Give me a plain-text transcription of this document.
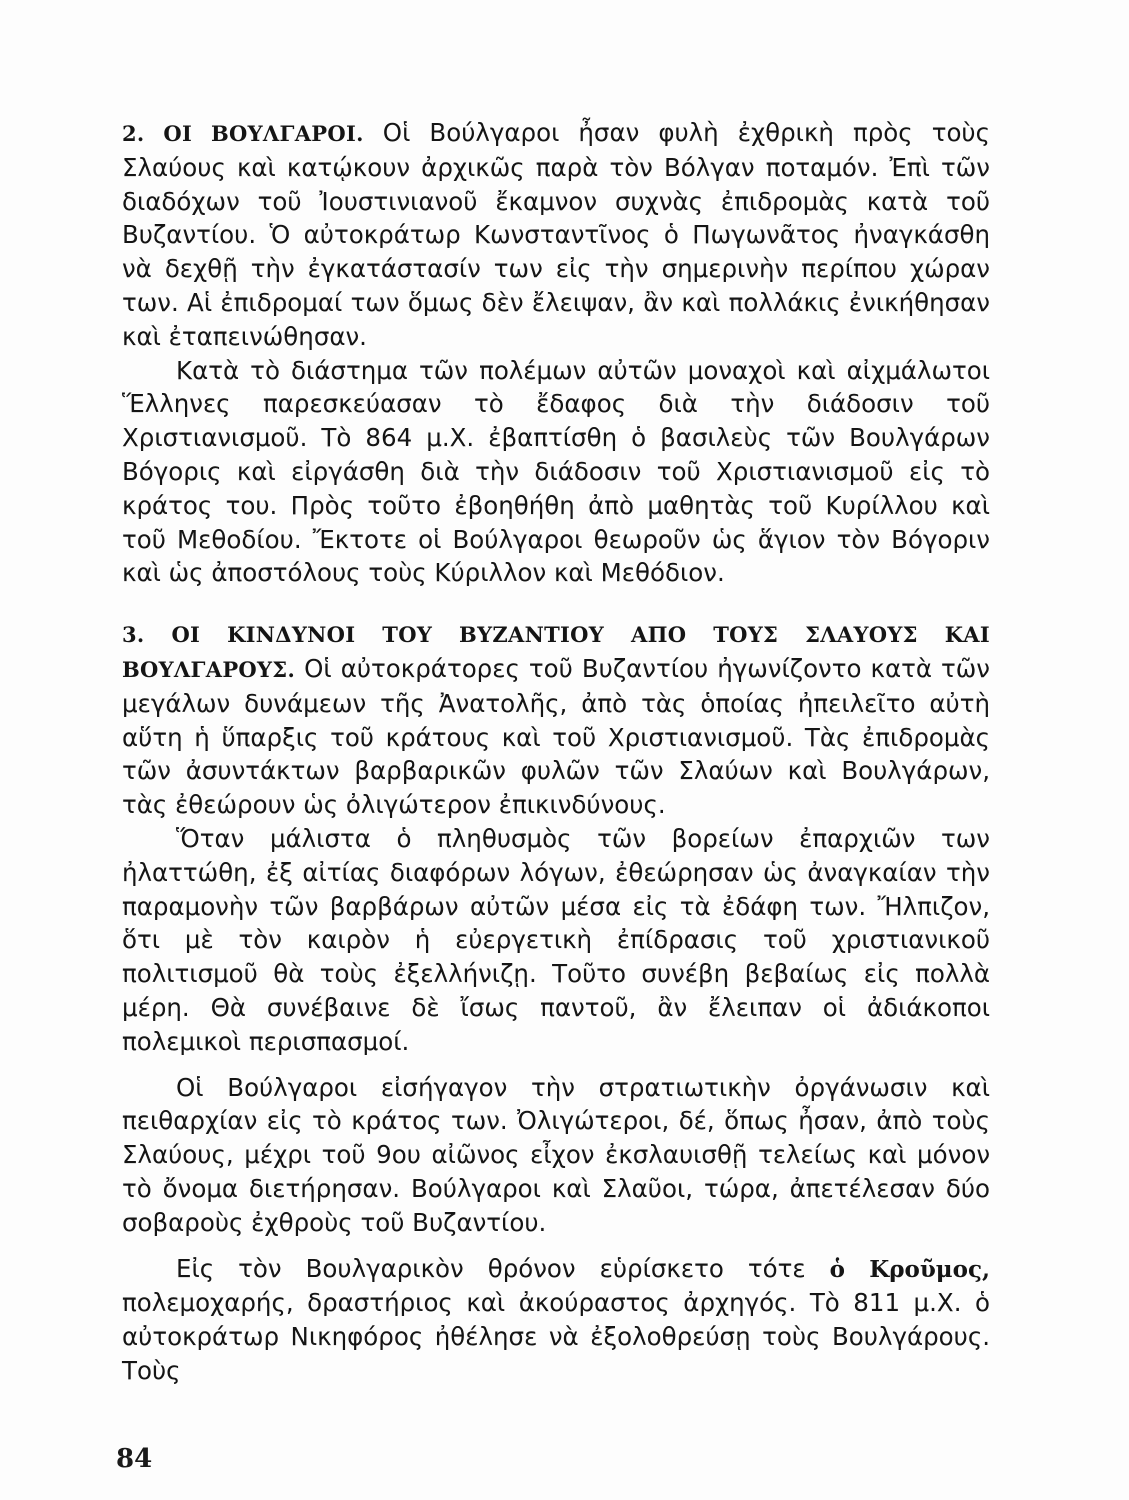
2. ΟΙ ΒΟΥΛΓΑΡΟΙ. Οἱ Βούλγαροι ἦσαν φυλὴ ἐχθρικὴ πρὸς τοὺς Σλαύους καὶ κατῴκουν ἀρχικῶς παρὰ τὸν Βόλγαν ποταμόν. Ἐπὶ τῶν διαδόχων τοῦ Ἰουστινιανοῦ ἔκαμνον συχνὰς ἐπιδρομὰς κατὰ τοῦ Βυζαντίου. Ὁ αὐτοκράτωρ Κωνσταντῖνος ὁ Πωγωνᾶτος ἠναγκάσθη νὰ δεχθῇ τὴν ἐγκατάστασίν των εἰς τὴν σημερινὴν περίπου χώραν των. Αἱ ἐπιδρομαί των ὅμως δὲν ἔλειψαν, ἂν καὶ πολλάκις ἐνικήθησαν καὶ ἐταπεινώθησαν.

Κατὰ τὸ διάστημα τῶν πολέμων αὐτῶν μοναχοὶ καὶ αἰχμάλωτοι Ἕλληνες παρεσκεύασαν τὸ ἔδαφος διὰ τὴν διάδοσιν τοῦ Χριστιανισμοῦ. Τὸ 864 μ.Χ. ἐβαπτίσθη ὁ βασιλεὺς τῶν Βουλγάρων Βόγορις καὶ εἰργάσθη διὰ τὴν διάδοσιν τοῦ Χριστιανισμοῦ εἰς τὸ κράτος του. Πρὸς τοῦτο ἐβοηθήθη ἀπὸ μαθητὰς τοῦ Κυρίλλου καὶ τοῦ Μεθοδίου. Ἔκτοτε οἱ Βούλγαροι θεωροῦν ὡς ἅγιον τὸν Βόγοριν καὶ ὡς ἀποστόλους τοὺς Κύριλλον καὶ Μεθόδιον.

3. ΟΙ ΚΙΝΔΥΝΟΙ ΤΟΥ ΒΥΖΑΝΤΙΟΥ ΑΠΟ ΤΟΥΣ ΣΛΑΥΟΥΣ ΚΑΙ ΒΟΥΛΓΑΡΟΥΣ. Οἱ αὐτοκράτορες τοῦ Βυζαντίου ἠγωνίζοντο κατὰ τῶν μεγάλων δυνάμεων τῆς Ἀνατολῆς, ἀπὸ τὰς ὁποίας ἠπειλεῖτο αὐτὴ αὕτη ἡ ὕπαρξις τοῦ κράτους καὶ τοῦ Χριστιανισμοῦ. Τὰς ἐπιδρομὰς τῶν ἀσυντάκτων βαρβαρικῶν φυλῶν τῶν Σλαύων καὶ Βουλγάρων, τὰς ἐθεώρουν ὡς ὀλιγώτερον ἐπικινδύνους.

Ὅταν μάλιστα ὁ πληθυσμὸς τῶν βορείων ἐπαρχιῶν των ἠλαττώθη, ἐξ αἰτίας διαφόρων λόγων, ἐθεώρησαν ὡς ἀναγκαίαν τὴν παραμονὴν τῶν βαρβάρων αὐτῶν μέσα εἰς τὰ ἐδάφη των. Ἤλπιζον, ὅτι μὲ τὸν καιρὸν ἡ εὐεργετικὴ ἐπίδρασις τοῦ χριστιανικοῦ πολιτισμοῦ θὰ τοὺς ἐξελλήνιζῃ. Τοῦτο συνέβη βεβαίως εἰς πολλὰ μέρη. Θὰ συνέβαινε δὲ ἴσως παντοῦ, ἂν ἔλειπαν οἱ ἀδιάκοποι πολεμικοὶ περισπασμοί.

Οἱ Βούλγαροι εἰσήγαγον τὴν στρατιωτικὴν ὀργάνωσιν καὶ πειθαρχίαν εἰς τὸ κράτος των. Ὀλιγώτεροι, δέ, ὅπως ἦσαν, ἀπὸ τοὺς Σλαύους, μέχρι τοῦ 9ου αἰῶνος εἶχον ἐκσλαυισθῇ τελείως καὶ μόνον τὸ ὄνομα διετήρησαν. Βούλγαροι καὶ Σλαῦοι, τώρα, ἀπετέλεσαν δύο σοβαροὺς ἐχθροὺς τοῦ Βυζαντίου.

Εἰς τὸν Βουλγαρικὸν θρόνον εὑρίσκετο τότε ὁ Κροῦμος, πολεμοχαρής, δραστήριος καὶ ἀκούραστος ἀρχηγός. Τὸ 811 μ.Χ. ὁ αὐτοκράτωρ Νικηφόρος ἠθέλησε νὰ ἐξολοθρεύσῃ τοὺς Βουλγάρους. Τοὺς

84
